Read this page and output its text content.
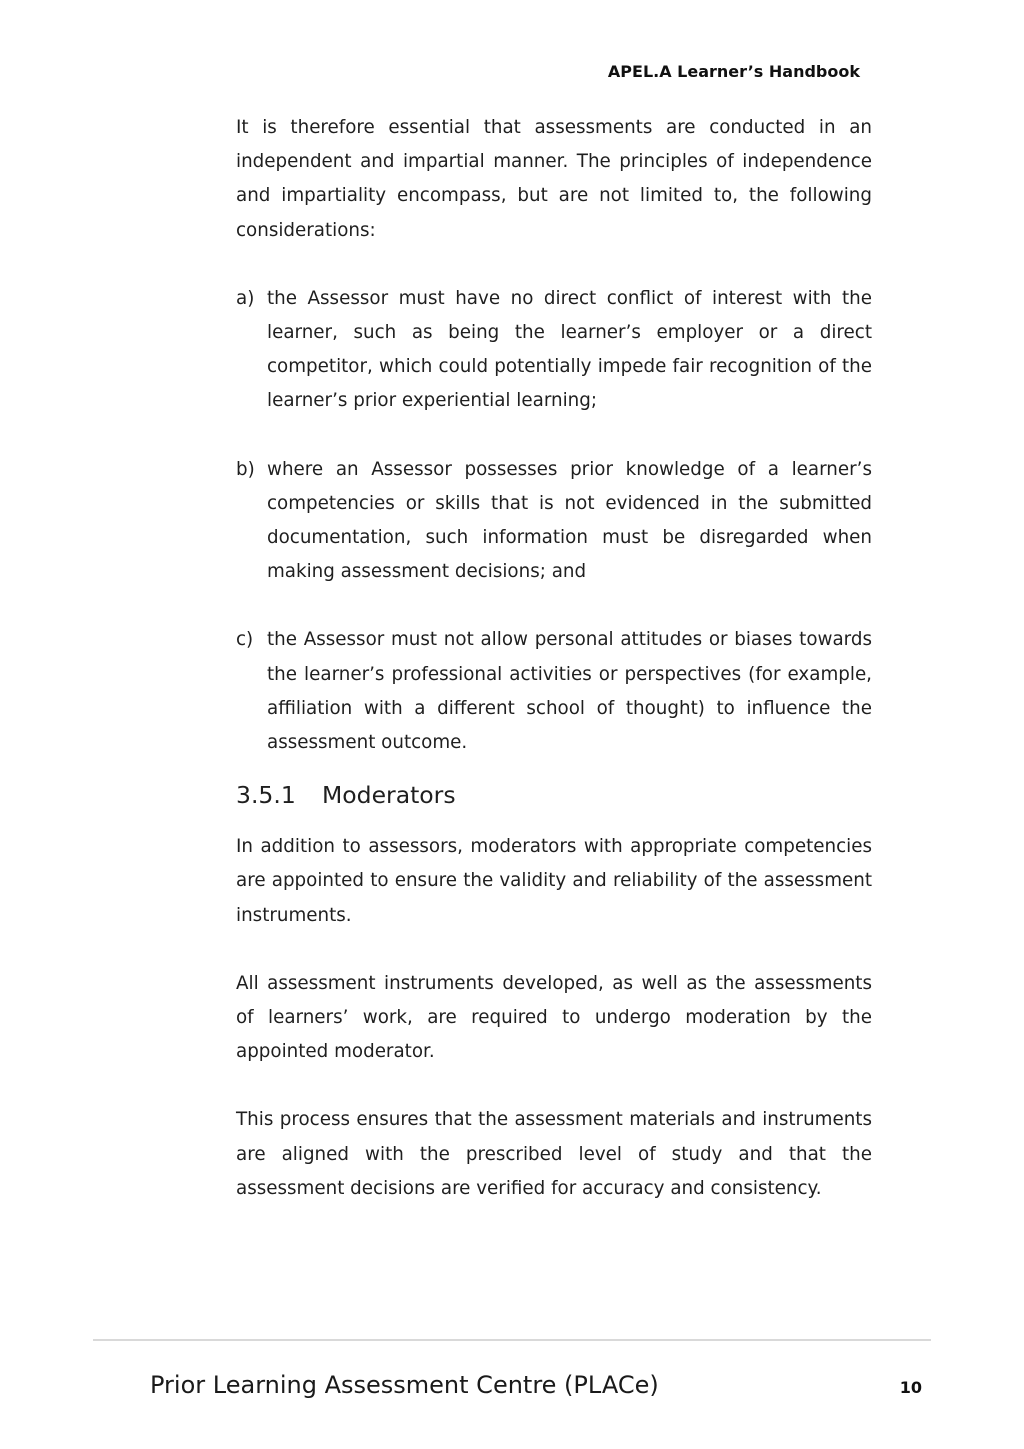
APEL.A Learner’s Handbook

It is therefore essential that assessments are conducted in an independent and impartial manner. The principles of independence and impartiality encompass, but are not limited to, the following considerations:

a) the Assessor must have no direct conflict of interest with the learner, such as being the learner’s employer or a direct competitor, which could potentially impede fair recognition of the learner’s prior experiential learning;
b) where an Assessor possesses prior knowledge of a learner’s competencies or skills that is not evidenced in the submitted documentation, such information must be disregarded when making assessment decisions; and
c) the Assessor must not allow personal attitudes or biases towards the learner’s professional activities or perspectives (for example, affiliation with a different school of thought) to influence the assessment outcome.
3.5.1	Moderators

In addition to assessors, moderators with appropriate competencies are appointed to ensure the validity and reliability of the assessment instruments.

All assessment instruments developed, as well as the assessments of learners’ work, are required to undergo moderation by the appointed moderator.

This process ensures that the assessment materials and instruments are aligned with the prescribed level of study and that the assessment decisions are verified for accuracy and consistency.

Prior Learning Assessment Centre (PLACe)	10
